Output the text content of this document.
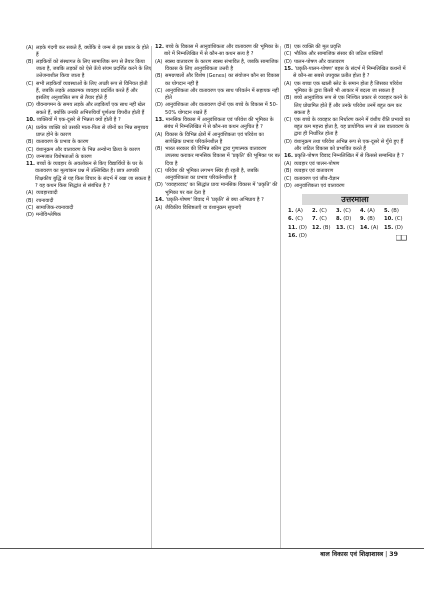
(A) लड़के गंदगी कर सकते हैं, क्योंकि वे जन्म से इस प्रकार के होते हैं
(B) लड़कियों को संस्थागत के लिए सामाजिक रूप से तैयार किया जाता है, जबकि लड़कों को ऐसे ऊँचे संयम प्रदर्शित करने के लिए उत्तेजनाशील किया जाता है
(C) सभी लड़कियाँ व्यवस्थाओं के लिए अच्छी रूप से विनियत होती हैं, जबकि लड़के आक्रामक व्यवहार प्रदर्शित करते हैं और इसलिए अनुशासित रूप से तैयार होते हैं
(D) यौवनागमन के समय लड़के और लड़कियाँ एक साथ नहीं खेल सकते हैं, क्योंकि उनकी अभिरुचियाँ पूर्णतया विपरीत होती हैं
10. व्यक्तियों में एक-दूसरे से भिन्नता क्यों होती है ?
(A) प्रत्येक व्यक्ति को उसकी माता-पिता से जीनों का भिन्न समुच्चय प्राप्त होने के कारण
(B) वातावरण के प्रभाव के कारण
(C) वंशानुक्रम और वातावरण के भिन्न अन्योन्य क्रिया के कारण
(D) जन्मजात विशेषताओं के कारण
11. बच्चों के व्यवहार के अवलोकन से किए विद्यार्थियों के घर के वातावरण का मूल्यांकन प्रश्न में उल्लिखित है। छात्र आपकी शिक्षकीय बुद्धि से यह किस विचार के संदर्भ में रखा जा सकता है ? यह कथन किस सिद्धांत से संबंधित है ?
(A) व्यवहारवादी
(B) रचनावादी
(C) सामाजिक-रचनावादी
(D) मनोविश्लेषिक
12. बच्चे के विकास में आनुवांशिकता और वातावरण की भूमिका के बारे में निम्नलिखित में से कौन-सा कथन सत्य है ?
(A) स्वस्थ वातावरण के कारण स्वस्थ संभावित है, जबकि सामाजिक विकास के लिए आनुवंशिकता उत्तरी है
(B) समग्रण्डलों और विशेष (Genes) का संयोजन कौन सा विकास का योगदान नहीं है
(C) आनुवंशिकता और वातावरण एक साथ परिवर्तन में सहायक नहीं होते
(D) आनुवंशिकता और वातावरण दोनों एक बच्चे के विकास में 50-50% योगदान रखते हैं
13. मानसिक विकास में आनुवंशिकता एवं परिवेश की भूमिका के संबंध में निम्नलिखित में से कौन-सा कथन अनुचित है ?
(A) विकास के विभिन्न क्षेत्रों में आनुवंशिकता एवं परिवेश का सापेक्षिक प्रभाव परिवर्तनशील है
(B) भारत सरकार की विभिन्न स्कीम द्वारा गुणात्मक वातावरण उपलब्ध कराकर मानसिक विकास में 'प्रकृति' की भूमिका पर बल दिया है
(C) परिवेश की भूमिका लगभग स्थिर ही रहती है, जबकि आनुवंशिकता का प्रभाव परिवर्तनशील है
(D) 'व्यवहारवाद' का सिद्धांत प्रायः मानसिक विकास में 'प्रकृति' की भूमिका पर बल देता है
14. 'प्रकृति-पोषण' विवाद में 'प्रकृति' से क्या अभिप्राय है ?
(A) जैविकीय विशिष्टताएँ या वंशानुक्रम सूचनाएँ
(B) एक व्यक्ति की मूल प्रवृत्ति
(C) भौतिक और सामाजिक संसार की जटिल शक्तियाँ
(D) पालन-पोषण और वातावरण
15. 'प्रकृति-पालन-पोषण' बहस के संदर्भ में निम्नलिखित कथनों में से कौन-सा सबसे उपयुक्त प्रतीत होता है ?
(A) एक बच्चा एक खाली स्लेट के समान होता है जिसका परिवेश भूमिका के द्वारा किसी भी आकार में बदला जा सकता है
(B) बच्चे आनुवंशिक रूप से एक निश्चित प्रकार से व्यवहार करने के लिए प्रोग्रामित होते हैं और उनके परिवेश उनमें बहुत कम कर सकता है
(C) एक बच्चे के व्यवहार का निर्धारण करने में वंशीय रीति प्रभावों का बहुत कम महत्त्व होता है, यह प्रायोगिक रूप से उस वातावरण के द्वारा ही निर्धारित होता है
(D) वंशानुक्रम तथा परिवेश अभिन्न रूप से एक-दूसरे से गुँथे हुए हैं और जटिल विकास को प्रभावित करते हैं
16. प्रकृति-पोषण विवाद निम्नलिखित में से किससे सम्बन्धित है ?
(A) व्यवहार एवं पालन-पोषण
(B) व्यवहार एवं वातावरण
(C) वातावरण एवं जीव-वैज्ञान
(D) आनुवांशिकता एवं वातावरण
उत्तरमाला
1. (A)	2. (C)	3. (C)	4. (A)	5. (B)
6. (C)	7. (C)	8. (D)	9. (B)	10. (C)
11. (D) 12. (B)	13. (C)	14. (A)	15. (D)
16. (D)	❑❑
बाल विकास एवं शिक्षाशास्त्र | 39
